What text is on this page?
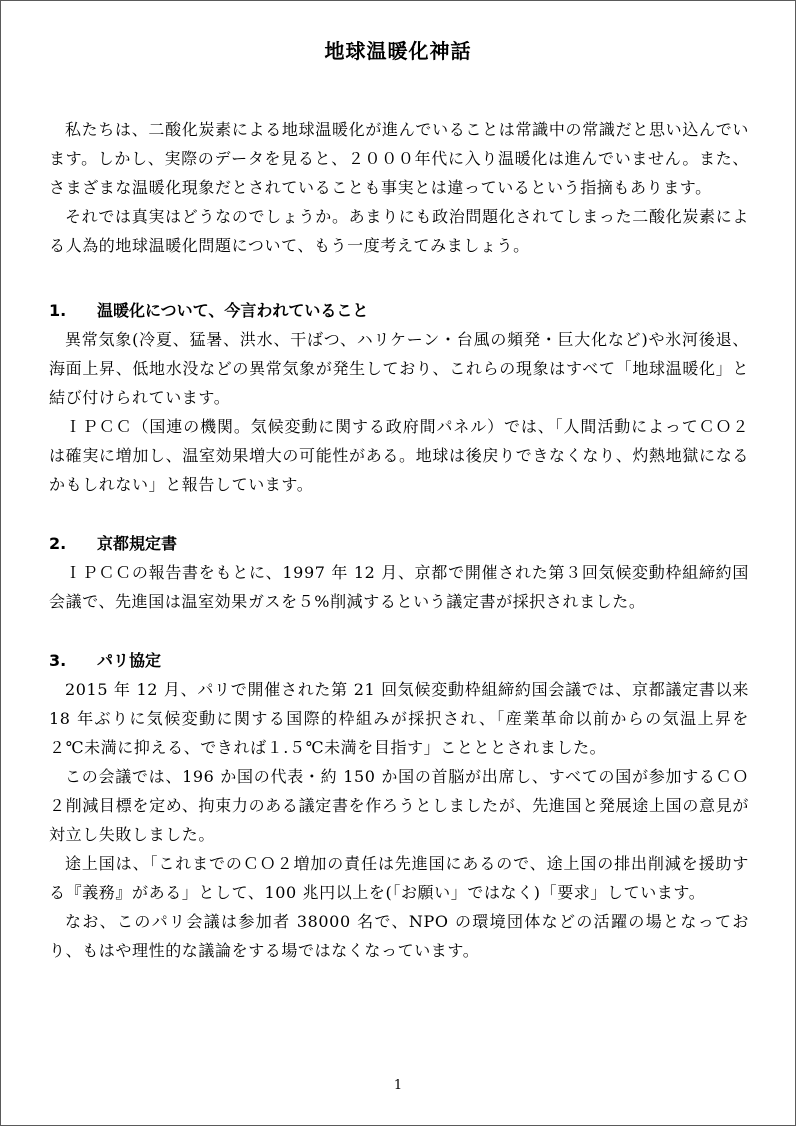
地球温暖化神話

私たちは、二酸化炭素による地球温暖化が進んでいることは常識中の常識だと思い込んでいます。しかし、実際のデータを見ると、２０００年代に入り温暖化は進んでいません。また、さまざまな温暖化現象だとされていることも事実とは違っているという指摘もあります。

それでは真実はどうなのでしょうか。あまりにも政治問題化されてしまった二酸化炭素による人為的地球温暖化問題について、もう一度考えてみましょう。

1.	温暖化について、今言われていること

異常気象(冷夏、猛暑、洪水、干ばつ、ハリケーン・台風の頻発・巨大化など)や氷河後退、海面上昇、低地水没などの異常気象が発生しており、これらの現象はすべて「地球温暖化」と結び付けられています。

ＩＰＣＣ（国連の機関。気候変動に関する政府間パネル）では、「人間活動によってＣＯ２は確実に増加し、温室効果増大の可能性がある。地球は後戻りできなくなり、灼熱地獄になるかもしれない」と報告しています。

2.	京都規定書

ＩＰＣＣの報告書をもとに、1997 年 12 月、京都で開催された第３回気候変動枠組締約国会議で、先進国は温室効果ガスを５%削減するという議定書が採択されました。

3.	パリ協定

2015 年 12 月、パリで開催された第 21 回気候変動枠組締約国会議では、京都議定書以来 18 年ぶりに気候変動に関する国際的枠組みが採択され、「産業革命以前からの気温上昇を２℃未満に抑える、できれば１.５℃未満を目指す」ことととされました。

この会議では、196 か国の代表・約 150 か国の首脳が出席し、すべての国が参加するＣＯ２削減目標を定め、拘束力のある議定書を作ろうとしましたが、先進国と発展途上国の意見が対立し失敗しました。

途上国は、「これまでのＣＯ２増加の責任は先進国にあるので、途上国の排出削減を援助する『義務』がある」として、100 兆円以上を(「お願い」ではなく)「要求」しています。

なお、このパリ会議は参加者 38000 名で、NPO の環境団体などの活躍の場となっており、もはや理性的な議論をする場ではなくなっています。

1
